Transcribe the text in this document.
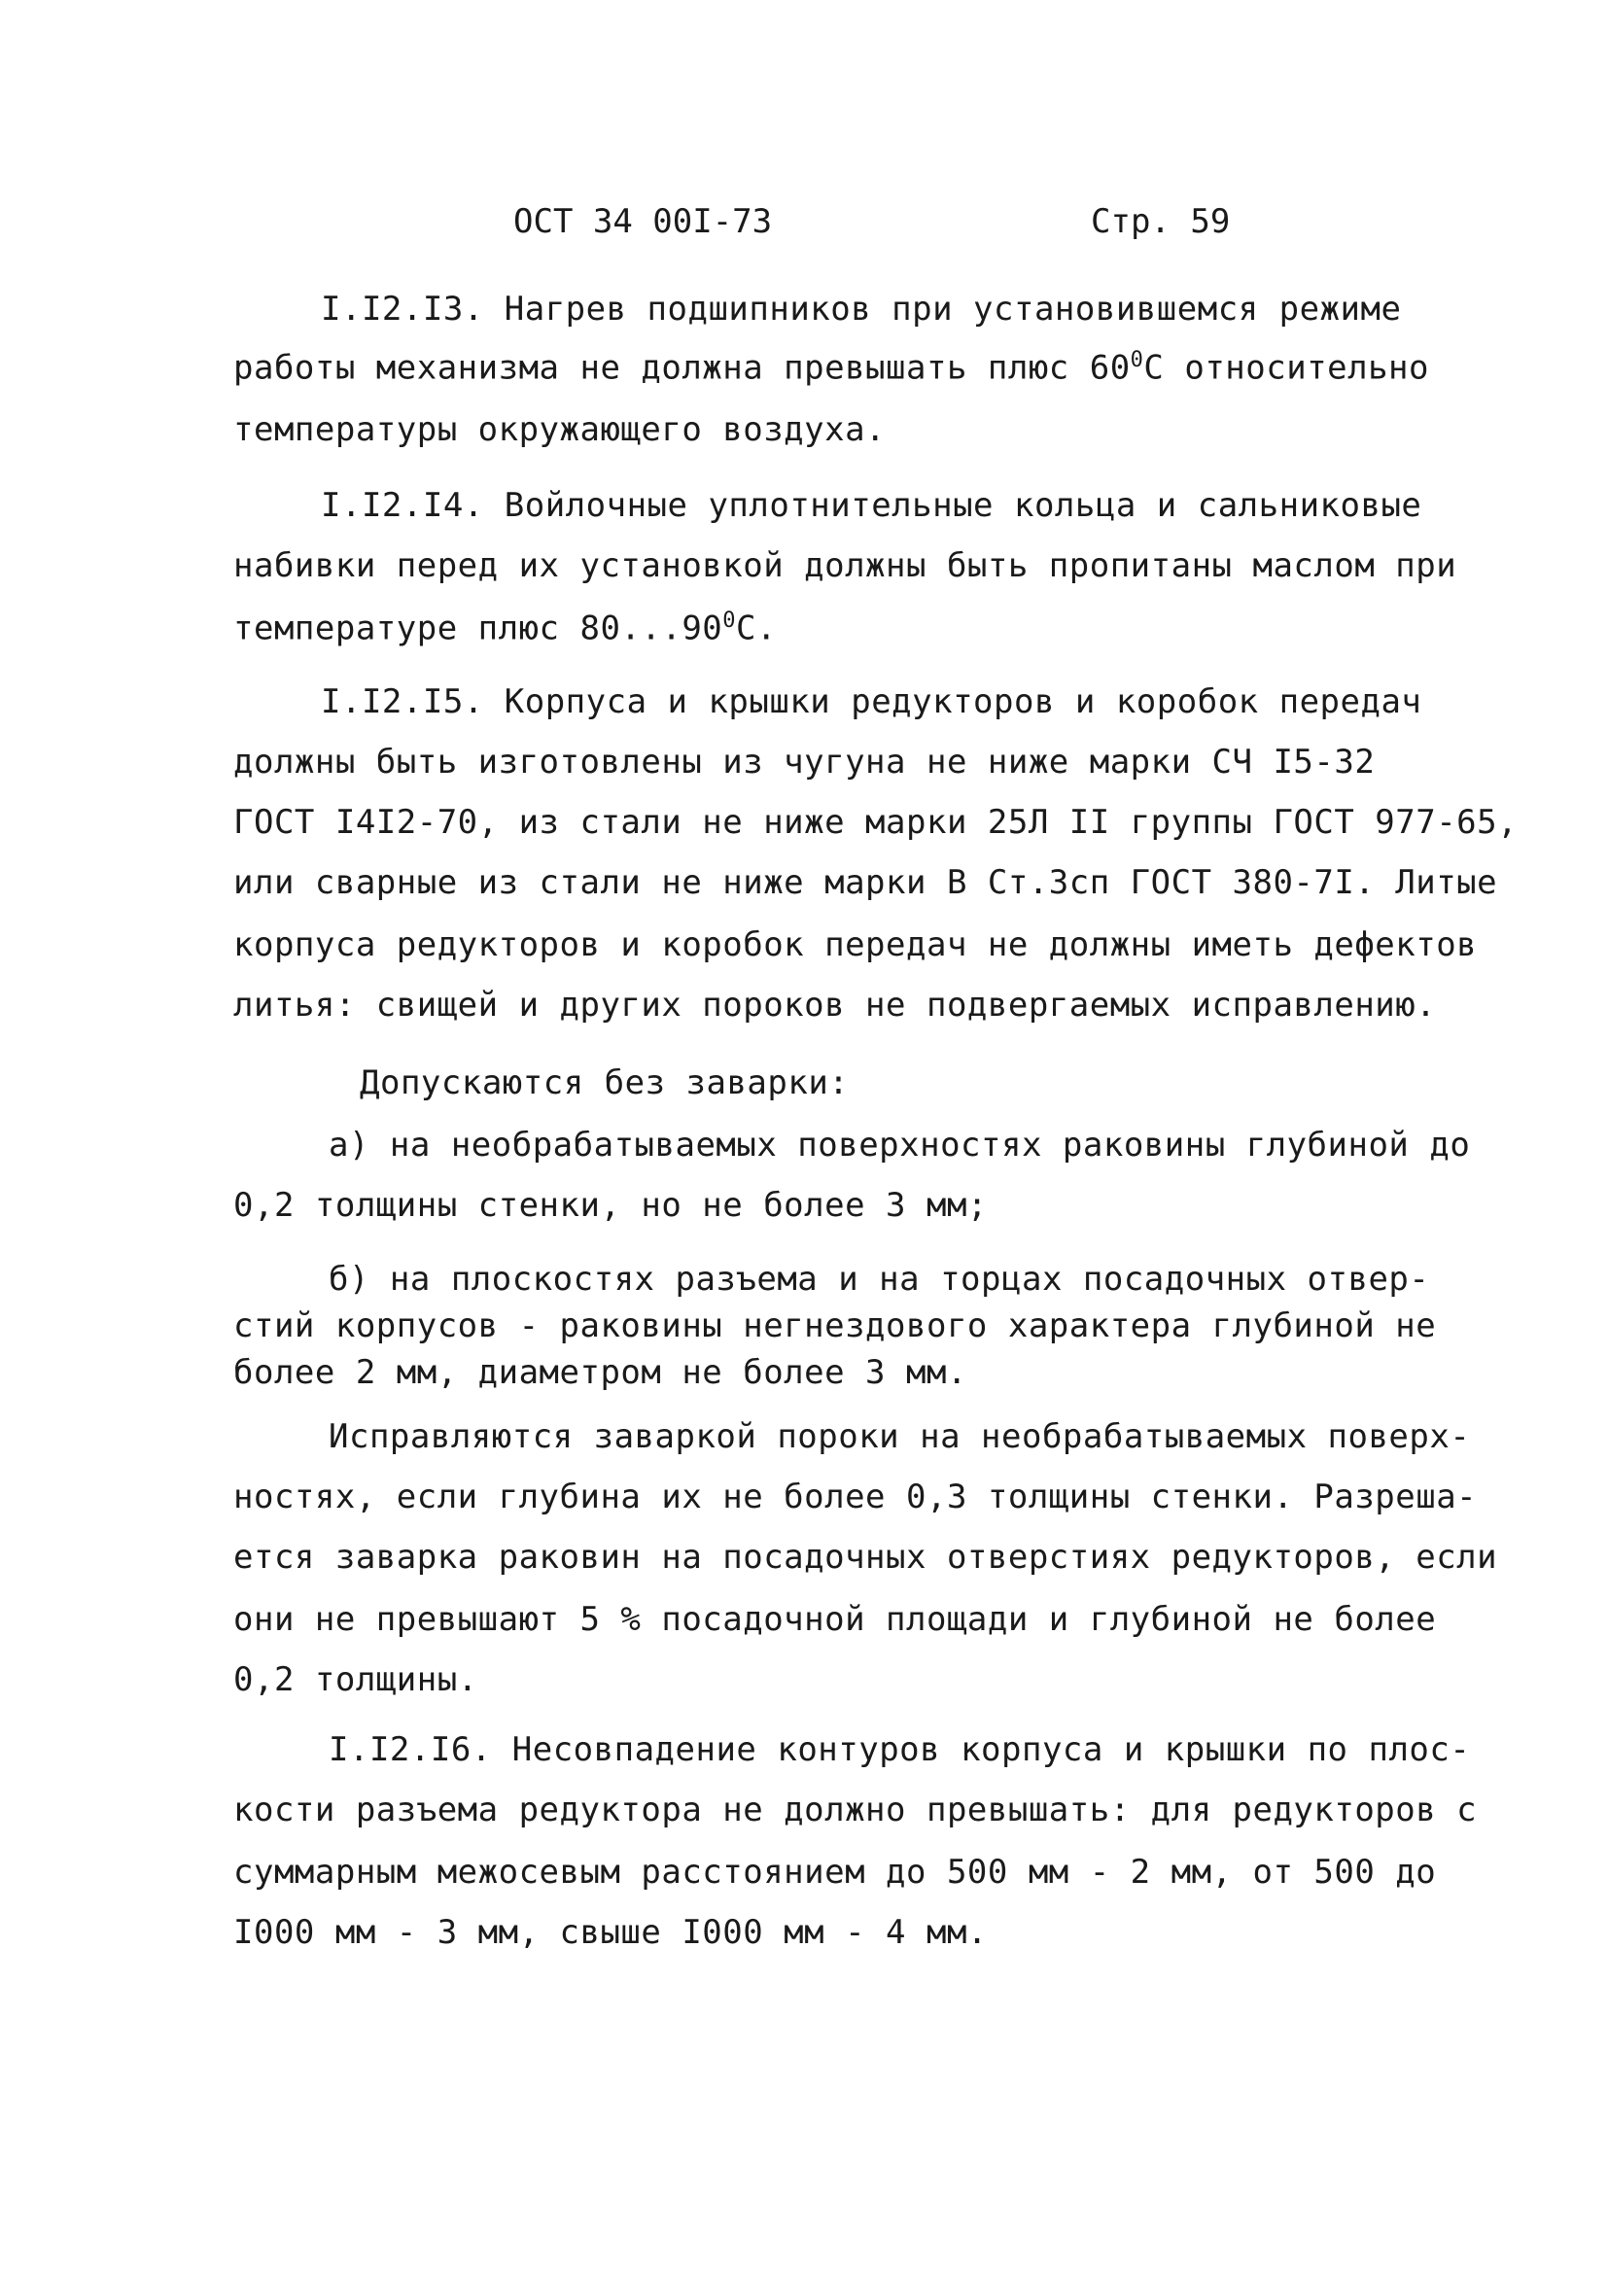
ОСТ 34 00I-73	Стр. 59
I.I2.I3. Нагрев подшипников при установившемся режиме
работы механизма не должна превышать плюс $60^0С$ относительно
температуры окружающего воздуха.
I.I2.I4. Войлочные уплотнительные кольца и сальниковые
набивки перед их установкой должны быть пропитаны маслом при
температуре плюс 80...90$^0$С.
I.I2.I5. Корпуса и крышки редукторов и коробок передач
должны быть изготовлены из чугуна не ниже марки СЧ I5-32
ГОСТ I4I2-70, из стали не ниже марки 25Л II группы ГОСТ 977-65,
или сварные из стали не ниже марки В Ст.3сп ГОСТ 380-7I. Литые
корпуса редукторов и коробок передач не должны иметь дефектов
литья: свищей и других пороков не подвергаемых исправлению.
Допускаются без заварки:
а) на необрабатываемых поверхностях раковины глубиной до
0,2 толщины стенки, но не более 3 мм;
б) на плоскостях разъема и на торцах посадочных отвер-
стий корпусов - раковины негнездового характера глубиной не
более 2 мм, диаметром не более 3 мм.
Исправляются заваркой пороки на необрабатываемых поверх-
ностях, если глубина их не более 0,3 толщины стенки. Разреша-
ется заварка раковин на посадочных отверстиях редукторов, если
они не превышают 5 % посадочной площади и глубиной не более
0,2 толщины.
I.I2.I6. Несовпадение контуров корпуса и крышки по плос-
кости разъема редуктора не должно превышать: для редукторов с
суммарным межосевым расстоянием до 500 мм - 2 мм, от 500 до
I000 мм - 3 мм, свыше I000 мм - 4 мм.
